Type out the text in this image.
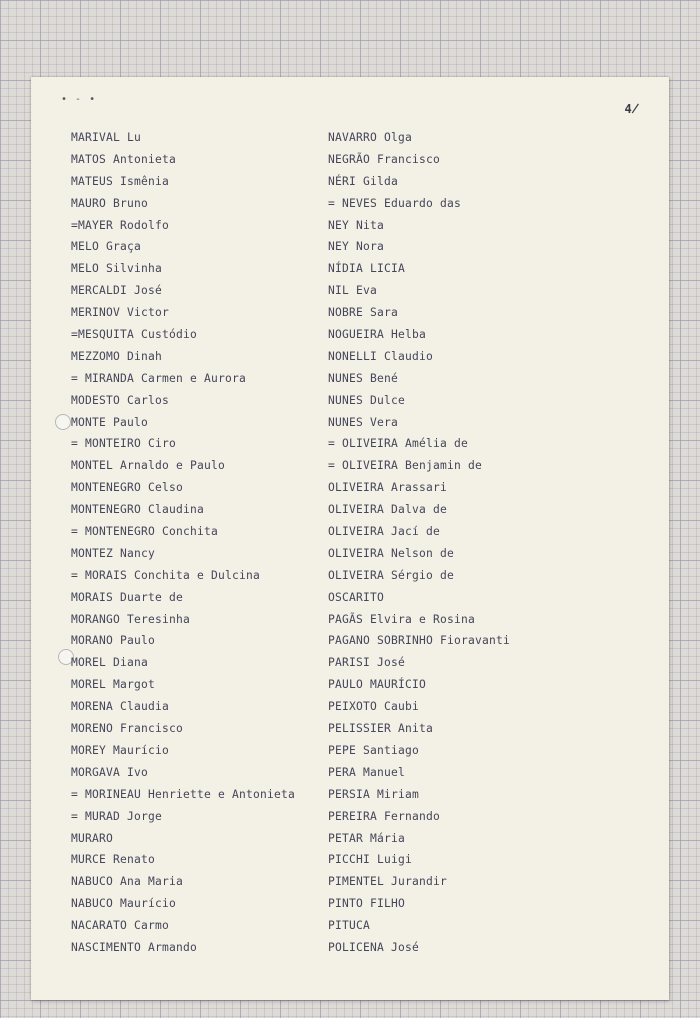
• - •
4̸
MARIVAL Lu
MATOS Antonieta
MATEUS Ismênia
MAURO Bruno
=MAYER Rodolfo
MELO Graça
MELO Silvinha
MERCALDI José
MERINOV Victor
=MESQUITA Custódio
MEZZOMO Dinah
= MIRANDA Carmen e Aurora
MODESTO Carlos
MONTE Paulo
= MONTEIRO Ciro
MONTEL Arnaldo e Paulo
MONTENEGRO Celso
MONTENEGRO Claudina
= MONTENEGRO Conchita
MONTEZ Nancy
= MORAIS Conchita e Dulcina
MORAIS Duarte de
MORANGO Teresinha
MORANO Paulo
MOREL Diana
MOREL Margot
MORENA Claudia
MORENO Francisco
MOREY Maurício
MORGAVA Ivo
= MORINEAU Henriette e Antonieta
= MURAD Jorge
MURARO
MURCE Renato
NABUCO Ana Maria
NABUCO Maurício
NACARATO Carmo
NASCIMENTO Armando
NAVARRO Olga
NEGRÃO Francisco
NÉRI Gilda
= NEVES Eduardo das
NEY Nita
NEY Nora
NÍDIA LICIA
NIL Eva
NOBRE Sara
NOGUEIRA Helba
NONELLI Claudio
NUNES Bené
NUNES Dulce
NUNES Vera
= OLIVEIRA Amélia de
= OLIVEIRA Benjamin de
OLIVEIRA Arassari
OLIVEIRA Dalva de
OLIVEIRA Jací de
OLIVEIRA Nelson de
OLIVEIRA Sérgio de
OSCARITO
PAGÃS Elvira e Rosina
PAGANO SOBRINHO Fioravanti
PARISI José
PAULO MAURÍCIO
PEIXOTO Caubi
PELISSIER Anita
PEPE Santiago
PERA Manuel
PERSIA Miriam
PEREIRA Fernando
PETAR Mária
PICCHI Luigi
PIMENTEL Jurandir
PINTO FILHO
PITUCA
POLICENA José
